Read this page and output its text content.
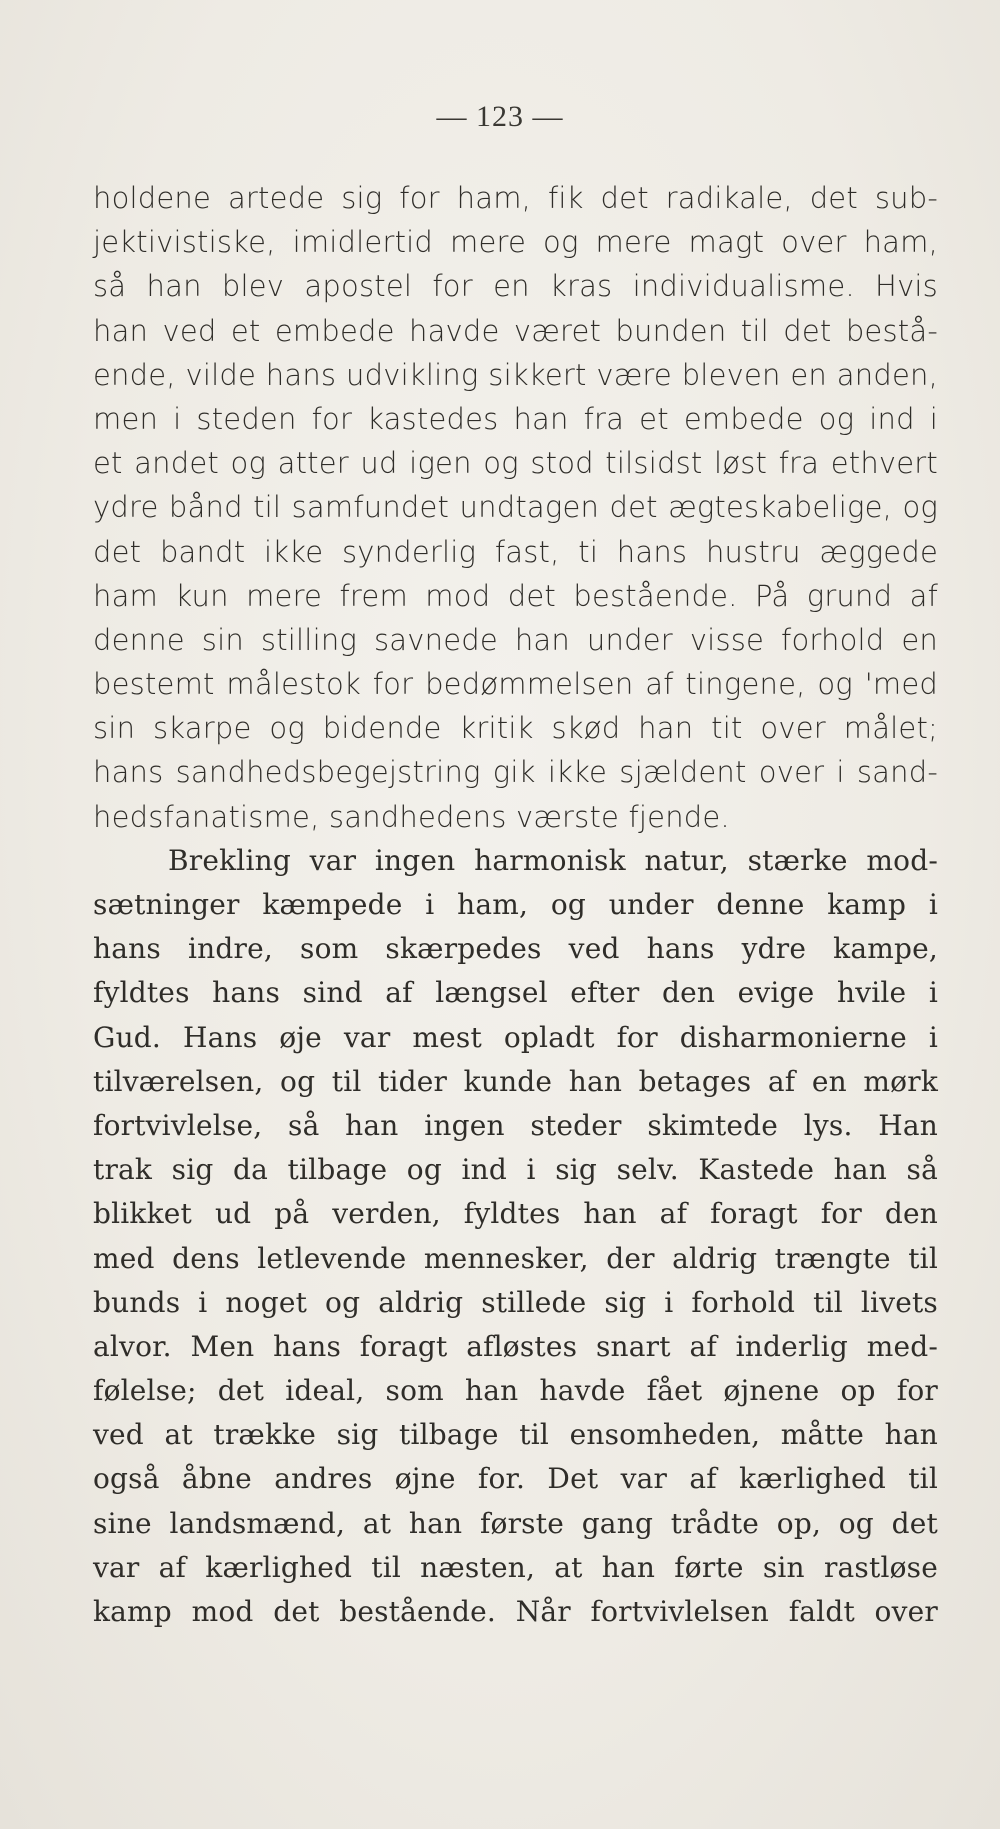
— 123 —
holdene artede sig for ham, fik det radikale, det sub-
jektivistiske, imidlertid mere og mere magt over ham,
så han blev apostel for en kras individualisme. Hvis
han ved et embede havde været bunden til det bestå-
ende, vilde hans udvikling sikkert være bleven en anden,
men i steden for kastedes han fra et embede og ind i
et andet og atter ud igen og stod tilsidst løst fra ethvert
ydre bånd til samfundet undtagen det ægteskabelige, og
det bandt ikke synderlig fast, ti hans hustru æggede
ham kun mere frem mod det bestående. På grund af
denne sin stilling savnede han under visse forhold en
bestemt målestok for bedømmelsen af tingene, og 'med
sin skarpe og bidende kritik skød han tit over målet;
hans sandhedsbegejstring gik ikke sjældent over i sand-
hedsfanatisme, sandhedens værste fjende.
Brekling var ingen harmonisk natur, stærke mod-
sætninger kæmpede i ham, og under denne kamp i
hans indre, som skærpedes ved hans ydre kampe,
fyldtes hans sind af længsel efter den evige hvile i
Gud. Hans øje var mest opladt for disharmonierne i
tilværelsen, og til tider kunde han betages af en mørk
fortvivlelse, så han ingen steder skimtede lys. Han
trak sig da tilbage og ind i sig selv. Kastede han så
blikket ud på verden, fyldtes han af foragt for den
med dens letlevende mennesker, der aldrig trængte til
bunds i noget og aldrig stillede sig i forhold til livets
alvor. Men hans foragt afløstes snart af inderlig med-
følelse; det ideal, som han havde fået øjnene op for
ved at trække sig tilbage til ensomheden, måtte han
også åbne andres øjne for. Det var af kærlighed til
sine landsmænd, at han første gang trådte op, og det
var af kærlighed til næsten, at han førte sin rastløse
kamp mod det bestående. Når fortvivlelsen faldt over
